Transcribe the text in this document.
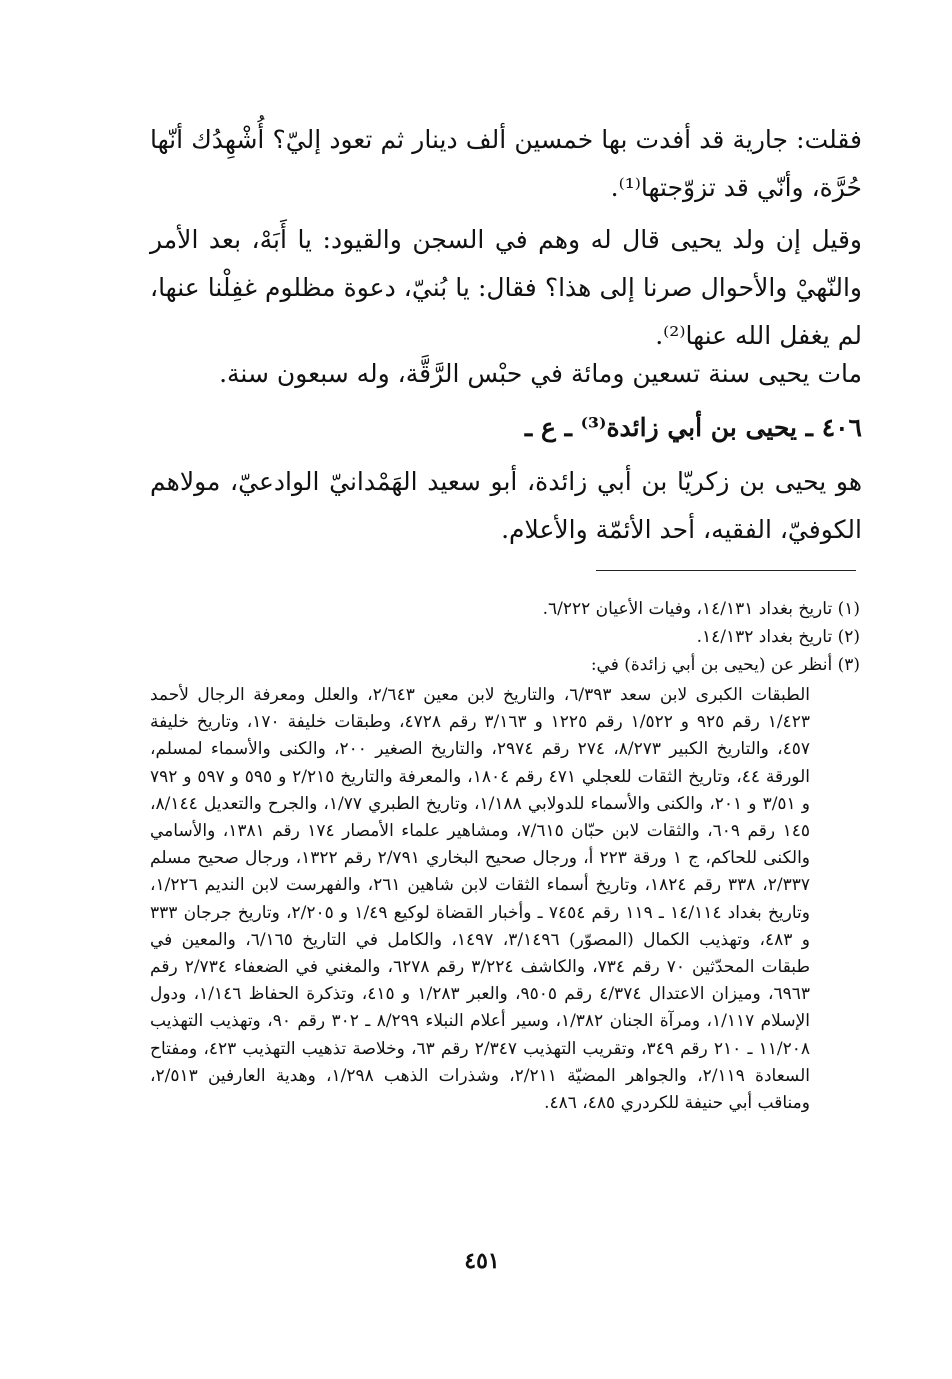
فقلت: جارية قد أفدت بها خمسين ألف دينار ثم تعود إليّ؟ أُشْهِدُك أنّها حُرَّة، وأنّي قد تزوّجتها⁽¹⁾.

وقيل إن ولد يحيى قال له وهم في السجن والقيود: يا أَبَهْ، بعد الأمر والنّهيْ والأحوال صرنا إلى هذا؟ فقال: يا بُنيّ، دعوة مظلوم غفِلْنا عنها، لم يغفل الله عنها⁽²⁾.

مات يحيى سنة تسعين ومائة في حبْس الرَّقَّة، وله سبعون سنة.

٤٠٦ ـ يحيى بن أبي زائدة⁽³⁾ ـ ع ـ

هو يحيى بن زكريّا بن أبي زائدة، أبو سعيد الهَمْدانيّ الوادعيّ، مولاهم الكوفيّ، الفقيه، أحد الأئمّة والأعلام.

(١) تاريخ بغداد ١٤/١٣١، وفيات الأعيان ٦/٢٢٢.

(٢) تاريخ بغداد ١٤/١٣٢.

(٣) أنظر عن (يحيى بن أبي زائدة) في:

الطبقات الكبرى لابن سعد ٦/٣٩٣، والتاريخ لابن معين ٢/٦٤٣، والعلل ومعرفة الرجال لأحمد ١/٤٢٣ رقم ٩٢٥ و ١/٥٢٢ رقم ١٢٢٥ و ٣/١٦٣ رقم ٤٧٢٨، وطبقات خليفة ١٧٠، وتاريخ خليفة ٤٥٧، والتاريخ الكبير ٨/٢٧٣، ٢٧٤ رقم ٢٩٧٤، والتاريخ الصغير ٢٠٠، والكنى والأسماء لمسلم، الورقة ٤٤، وتاريخ الثقات للعجلي ٤٧١ رقم ١٨٠٤، والمعرفة والتاريخ ٢/٢١٥ و ٥٩٥ و ٥٩٧ و ٧٩٢ و ٣/٥١ و ٢٠١، والكنى والأسماء للدولابي ١/١٨٨، وتاريخ الطبري ١/٧٧، والجرح والتعديل ٨/١٤٤، ١٤٥ رقم ٦٠٩، والثقات لابن حبّان ٧/٦١٥، ومشاهير علماء الأمصار ١٧٤ رقم ١٣٨١، والأسامي والكنى للحاكم، ج ١ ورقة ٢٢٣ أ، ورجال صحيح البخاري ٢/٧٩١ رقم ١٣٢٢، ورجال صحيح مسلم ٢/٣٣٧، ٣٣٨ رقم ١٨٢٤، وتاريخ أسماء الثقات لابن شاهين ٢٦١، والفهرست لابن النديم ١/٢٢٦، وتاريخ بغداد ١٤/١١٤ ـ ١١٩ رقم ٧٤٥٤ ـ وأخبار القضاة لوكيع ١/٤٩ و ٢/٢٠٥، وتاريخ جرجان ٣٣٣ و ٤٨٣، وتهذيب الكمال (المصوّر) ٣/١٤٩٦، ١٤٩٧، والكامل في التاريخ ٦/١٦٥، والمعين في طبقات المحدّثين ٧٠ رقم ٧٣٤، والكاشف ٣/٢٢٤ رقم ٦٢٧٨، والمغني في الضعفاء ٢/٧٣٤ رقم ٦٩٦٣، وميزان الاعتدال ٤/٣٧٤ رقم ٩٥٠٥، والعبر ١/٢٨٣ و ٤١٥، وتذكرة الحفاظ ١/١٤٦، ودول الإسلام ١/١١٧، ومرآة الجنان ١/٣٨٢، وسير أعلام النبلاء ٨/٢٩٩ ـ ٣٠٢ رقم ٩٠، وتهذيب التهذيب ١١/٢٠٨ ـ ٢١٠ رقم ٣٤٩، وتقريب التهذيب ٢/٣٤٧ رقم ٦٣، وخلاصة تذهيب التهذيب ٤٢٣، ومفتاح السعادة ٢/١١٩، والجواهر المضيّة ٢/٢١١، وشذرات الذهب ١/٢٩٨، وهدية العارفين ٢/٥١٣، ومناقب أبي حنيفة للكردري ٤٨٥، ٤٨٦.

٤٥١
